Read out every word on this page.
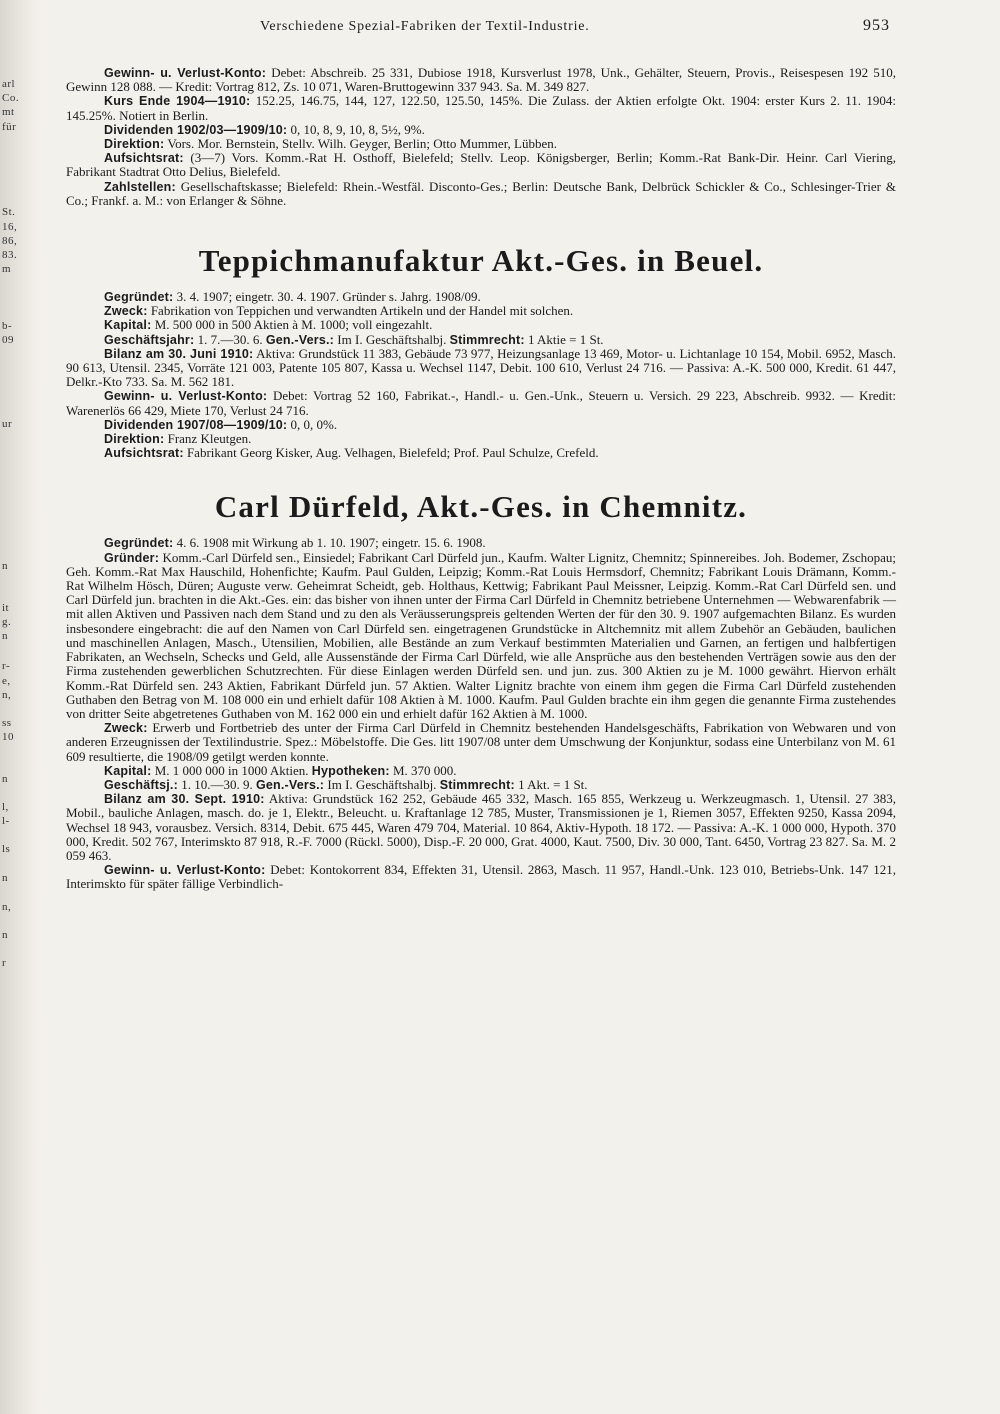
arl
Co.
mt
für
St.
16,
86,
83.
m
b-
09
ur
n
it
g.
n
r-
e,
n,
ss
10
n
l,
l-
ls
n
n,
n
r
Verschiedene Spezial-Fabriken der Textil-Industrie.	953

Gewinn- u. Verlust-Konto: Debet: Abschreib. 25 331, Dubiose 1918, Kursverlust 1978, Unk., Gehälter, Steuern, Provis., Reisespesen 192 510, Gewinn 128 088. — Kredit: Vortrag 812, Zs. 10 071, Waren-Bruttogewinn 337 943. Sa. M. 349 827.

Kurs Ende 1904—1910: 152.25, 146.75, 144, 127, 122.50, 125.50, 145%. Die Zulass. der Aktien erfolgte Okt. 1904: erster Kurs 2. 11. 1904: 145.25%. Notiert in Berlin.

Dividenden 1902/03—1909/10: 0, 10, 8, 9, 10, 8, 5½, 9%.

Direktion: Vors. Mor. Bernstein, Stellv. Wilh. Geyger, Berlin; Otto Mummer, Lübben.

Aufsichtsrat: (3—7) Vors. Komm.-Rat H. Osthoff, Bielefeld; Stellv. Leop. Königsberger, Berlin; Komm.-Rat Bank-Dir. Heinr. Carl Viering, Fabrikant Stadtrat Otto Delius, Bielefeld.

Zahlstellen: Gesellschaftskasse; Bielefeld: Rhein.-Westfäl. Disconto-Ges.; Berlin: Deutsche Bank, Delbrück Schickler & Co., Schlesinger-Trier & Co.; Frankf. a. M.: von Erlanger & Söhne.

Teppichmanufaktur Akt.-Ges. in Beuel.

Gegründet: 3. 4. 1907; eingetr. 30. 4. 1907. Gründer s. Jahrg. 1908/09.

Zweck: Fabrikation von Teppichen und verwandten Artikeln und der Handel mit solchen.

Kapital: M. 500 000 in 500 Aktien à M. 1000; voll eingezahlt.

Geschäftsjahr: 1. 7.—30. 6. Gen.-Vers.: Im I. Geschäftshalbj. Stimmrecht: 1 Aktie = 1 St.

Bilanz am 30. Juni 1910: Aktiva: Grundstück 11 383, Gebäude 73 977, Heizungsanlage 13 469, Motor- u. Lichtanlage 10 154, Mobil. 6952, Masch. 90 613, Utensil. 2345, Vorräte 121 003, Patente 105 807, Kassa u. Wechsel 1147, Debit. 100 610, Verlust 24 716. — Passiva: A.-K. 500 000, Kredit. 61 447, Delkr.-Kto 733. Sa. M. 562 181.

Gewinn- u. Verlust-Konto: Debet: Vortrag 52 160, Fabrikat.-, Handl.- u. Gen.-Unk., Steuern u. Versich. 29 223, Abschreib. 9932. — Kredit: Warenerlös 66 429, Miete 170, Verlust 24 716.

Dividenden 1907/08—1909/10: 0, 0, 0%.

Direktion: Franz Kleutgen.

Aufsichtsrat: Fabrikant Georg Kisker, Aug. Velhagen, Bielefeld; Prof. Paul Schulze, Crefeld.

Carl Dürfeld, Akt.-Ges. in Chemnitz.

Gegründet: 4. 6. 1908 mit Wirkung ab 1. 10. 1907; eingetr. 15. 6. 1908.

Gründer: Komm.-Carl Dürfeld sen., Einsiedel; Fabrikant Carl Dürfeld jun., Kaufm. Walter Lignitz, Chemnitz; Spinnereibes. Joh. Bodemer, Zschopau; Geh. Komm.-Rat Max Hauschild, Hohenfichte; Kaufm. Paul Gulden, Leipzig; Komm.-Rat Louis Hermsdorf, Chemnitz; Fabrikant Louis Drämann, Komm.-Rat Wilhelm Hösch, Düren; Auguste verw. Geheimrat Scheidt, geb. Holthaus, Kettwig; Fabrikant Paul Meissner, Leipzig. Komm.-Rat Carl Dürfeld sen. und Carl Dürfeld jun. brachten in die Akt.-Ges. ein: das bisher von ihnen unter der Firma Carl Dürfeld in Chemnitz betriebene Unternehmen — Webwarenfabrik — mit allen Aktiven und Passiven nach dem Stand und zu den als Veräusserungspreis geltenden Werten der für den 30. 9. 1907 aufgemachten Bilanz. Es wurden insbesondere eingebracht: die auf den Namen von Carl Dürfeld sen. eingetragenen Grundstücke in Altchemnitz mit allem Zubehör an Gebäuden, baulichen und maschinellen Anlagen, Masch., Utensilien, Mobilien, alle Bestände an zum Verkauf bestimmten Materialien und Garnen, an fertigen und halbfertigen Fabrikaten, an Wechseln, Schecks und Geld, alle Aussenstände der Firma Carl Dürfeld, wie alle Ansprüche aus den bestehenden Verträgen sowie aus den der Firma zustehenden gewerblichen Schutzrechten. Für diese Einlagen werden Dürfeld sen. und jun. zus. 300 Aktien zu je M. 1000 gewährt. Hiervon erhält Komm.-Rat Dürfeld sen. 243 Aktien, Fabrikant Dürfeld jun. 57 Aktien. Walter Lignitz brachte von einem ihm gegen die Firma Carl Dürfeld zustehenden Guthaben den Betrag von M. 108 000 ein und erhielt dafür 108 Aktien à M. 1000. Kaufm. Paul Gulden brachte ein ihm gegen die genannte Firma zustehendes von dritter Seite abgetretenes Guthaben von M. 162 000 ein und erhielt dafür 162 Aktien à M. 1000.

Zweck: Erwerb und Fortbetrieb des unter der Firma Carl Dürfeld in Chemnitz bestehenden Handelsgeschäfts, Fabrikation von Webwaren und von anderen Erzeugnissen der Textilindustrie. Spez.: Möbelstoffe. Die Ges. litt 1907/08 unter dem Umschwung der Konjunktur, sodass eine Unterbilanz von M. 61 609 resultierte, die 1908/09 getilgt werden konnte.

Kapital: M. 1 000 000 in 1000 Aktien. Hypotheken: M. 370 000.

Geschäftsj.: 1. 10.—30. 9. Gen.-Vers.: Im I. Geschäftshalbj. Stimmrecht: 1 Akt. = 1 St.

Bilanz am 30. Sept. 1910: Aktiva: Grundstück 162 252, Gebäude 465 332, Masch. 165 855, Werkzeug u. Werkzeugmasch. 1, Utensil. 27 383, Mobil., bauliche Anlagen, masch. do. je 1, Elektr., Beleucht. u. Kraftanlage 12 785, Muster, Transmissionen je 1, Riemen 3057, Effekten 9250, Kassa 2094, Wechsel 18 943, vorausbez. Versich. 8314, Debit. 675 445, Waren 479 704, Material. 10 864, Aktiv-Hypoth. 18 172. — Passiva: A.-K. 1 000 000, Hypoth. 370 000, Kredit. 502 767, Interimskto 87 918, R.-F. 7000 (Rückl. 5000), Disp.-F. 20 000, Grat. 4000, Kaut. 7500, Div. 30 000, Tant. 6450, Vortrag 23 827. Sa. M. 2 059 463.

Gewinn- u. Verlust-Konto: Debet: Kontokorrent 834, Effekten 31, Utensil. 2863, Masch. 11 957, Handl.-Unk. 123 010, Betriebs-Unk. 147 121, Interimskto für später fällige Verbindlich-
